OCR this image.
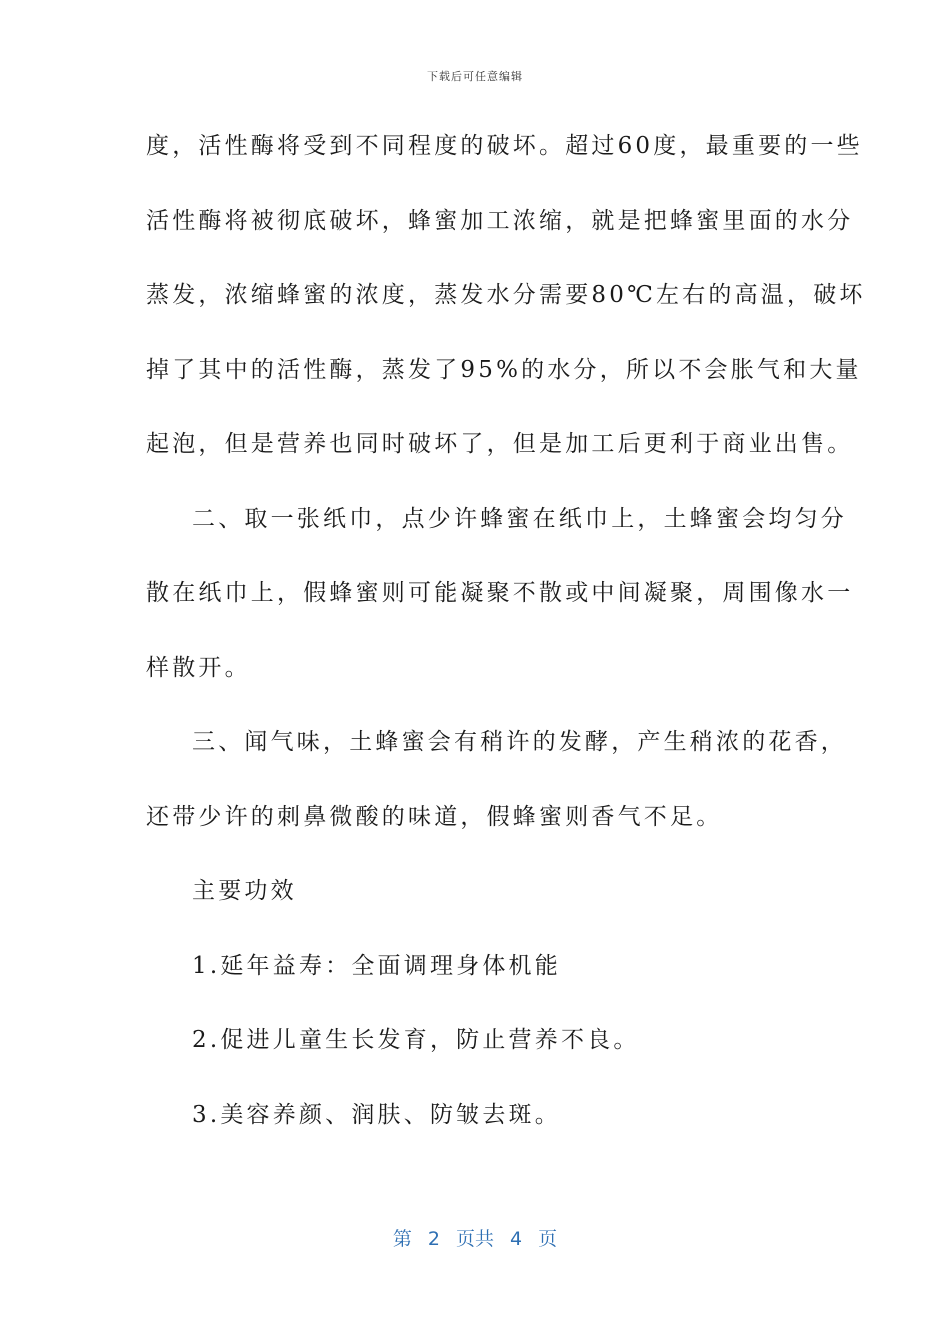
下载后可任意编辑
度，活性酶将受到不同程度的破坏。超过60度，最重要的一些
活性酶将被彻底破坏，蜂蜜加工浓缩，就是把蜂蜜里面的水分
蒸发，浓缩蜂蜜的浓度，蒸发水分需要80℃左右的高温，破坏
掉了其中的活性酶，蒸发了95%的水分，所以不会胀气和大量
起泡，但是营养也同时破坏了，但是加工后更利于商业出售。
二、取一张纸巾，点少许蜂蜜在纸巾上，土蜂蜜会均匀分
散在纸巾上，假蜂蜜则可能凝聚不散或中间凝聚，周围像水一
样散开。
三、闻气味，土蜂蜜会有稍许的发酵，产生稍浓的花香，
还带少许的刺鼻微酸的味道，假蜂蜜则香气不足。
主要功效
1.延年益寿：全面调理身体机能
2.促进儿童生长发育，防止营养不良。
3.美容养颜、润肤、防皱去斑。
第 2 页共 4 页
